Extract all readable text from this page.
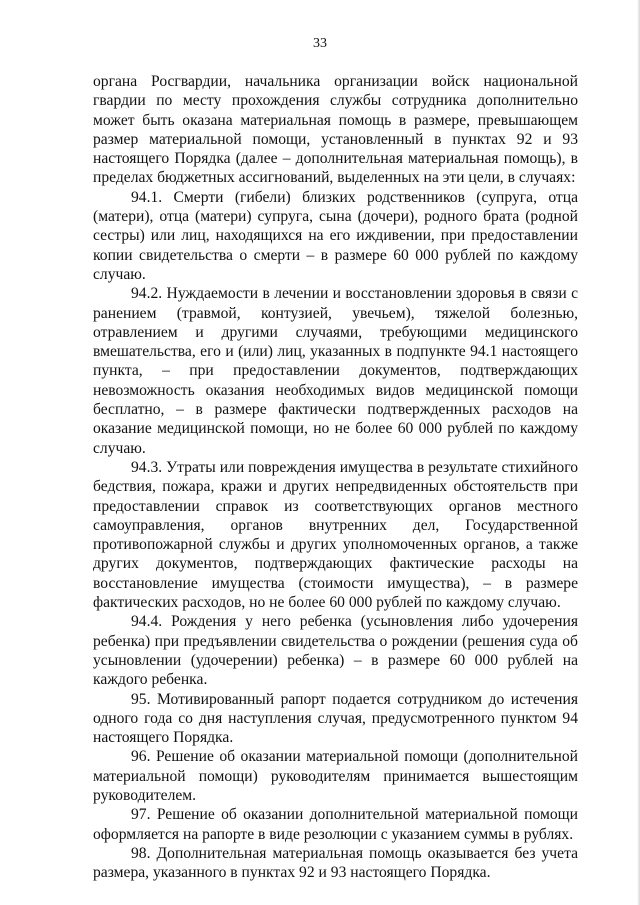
33

органа Росгвардии, начальника организации войск национальной гвардии по месту прохождения службы сотрудника дополнительно может быть оказана материальная помощь в размере, превышающем размер материальной помощи, установленный в пунктах 92 и 93 настоящего Порядка (далее – дополнительная материальная помощь), в пределах бюджетных ассигнований, выделенных на эти цели, в случаях:

94.1. Смерти (гибели) близких родственников (супруга, отца (матери), отца (матери) супруга, сына (дочери), родного брата (родной сестры) или лиц, находящихся на его иждивении, при предоставлении копии свидетельства о смерти – в размере 60 000 рублей по каждому случаю.

94.2. Нуждаемости в лечении и восстановлении здоровья в связи с ранением (травмой, контузией, увечьем), тяжелой болезнью, отравлением и другими случаями, требующими медицинского вмешательства, его и (или) лиц, указанных в подпункте 94.1 настоящего пункта, – при предоставлении документов, подтверждающих невозможность оказания необходимых видов медицинской помощи бесплатно, – в размере фактически подтвержденных расходов на оказание медицинской помощи, но не более 60 000 рублей по каждому случаю.

94.3. Утраты или повреждения имущества в результате стихийного бедствия, пожара, кражи и других непредвиденных обстоятельств при предоставлении справок из соответствующих органов местного самоуправления, органов внутренних дел, Государственной противопожарной службы и других уполномоченных органов, а также других документов, подтверждающих фактические расходы на восстановление имущества (стоимости имущества), – в размере фактических расходов, но не более 60 000 рублей по каждому случаю.

94.4. Рождения у него ребенка (усыновления либо удочерения ребенка) при предъявлении свидетельства о рождении (решения суда об усыновлении (удочерении) ребенка) – в размере 60 000 рублей на каждого ребенка.

95. Мотивированный рапорт подается сотрудником до истечения одного года со дня наступления случая, предусмотренного пунктом 94 настоящего Порядка.

96. Решение об оказании материальной помощи (дополнительной материальной помощи) руководителям принимается вышестоящим руководителем.

97. Решение об оказании дополнительной материальной помощи оформляется на рапорте в виде резолюции с указанием суммы в рублях.

98. Дополнительная материальная помощь оказывается без учета размера, указанного в пунктах 92 и 93 настоящего Порядка.
